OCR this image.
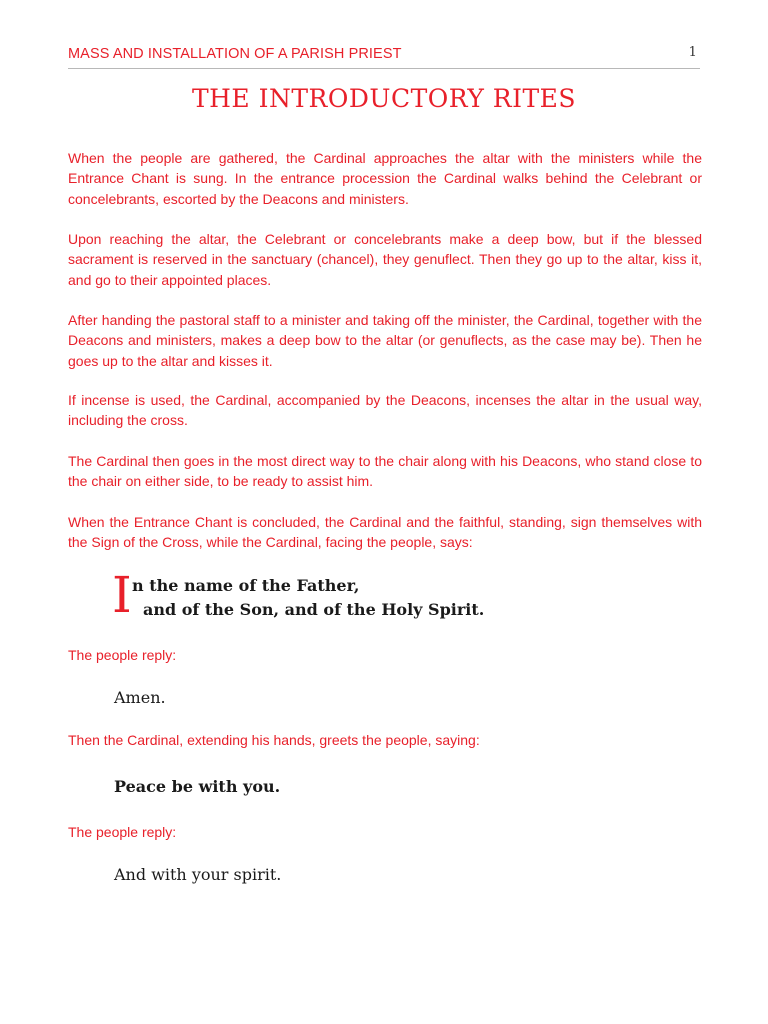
MASS AND INSTALLATION OF A PARISH PRIEST	1
THE INTRODUCTORY RITES

When the people are gathered, the Cardinal approaches the altar with the ministers while the Entrance Chant is sung. In the entrance procession the Cardinal walks behind the Celebrant or concelebrants, escorted by the Deacons and ministers.

Upon reaching the altar, the Celebrant or concelebrants make a deep bow, but if the blessed sacrament is reserved in the sanctuary (chancel), they genuflect. Then they go up to the altar, kiss it, and go to their appointed places.

After handing the pastoral staff to a minister and taking off the minister, the Cardinal, together with the Deacons and ministers, makes a deep bow to the altar (or genuflects, as the case may be). Then he goes up to the altar and kisses it.

If incense is used, the Cardinal, accompanied by the Deacons, incenses the altar in the usual way, including the cross.

The Cardinal then goes in the most direct way to the chair along with his Deacons, who stand close to the chair on either side, to be ready to assist him.

When the Entrance Chant is concluded, the Cardinal and the faithful, standing, sign themselves with the Sign of the Cross, while the Cardinal, facing the people, says:

I n the name of the Father,
and of the Son, and of the Holy Spirit.

The people reply:

Amen.

Then the Cardinal, extending his hands, greets the people, saying:

Peace be with you.

The people reply:

And with your spirit.
